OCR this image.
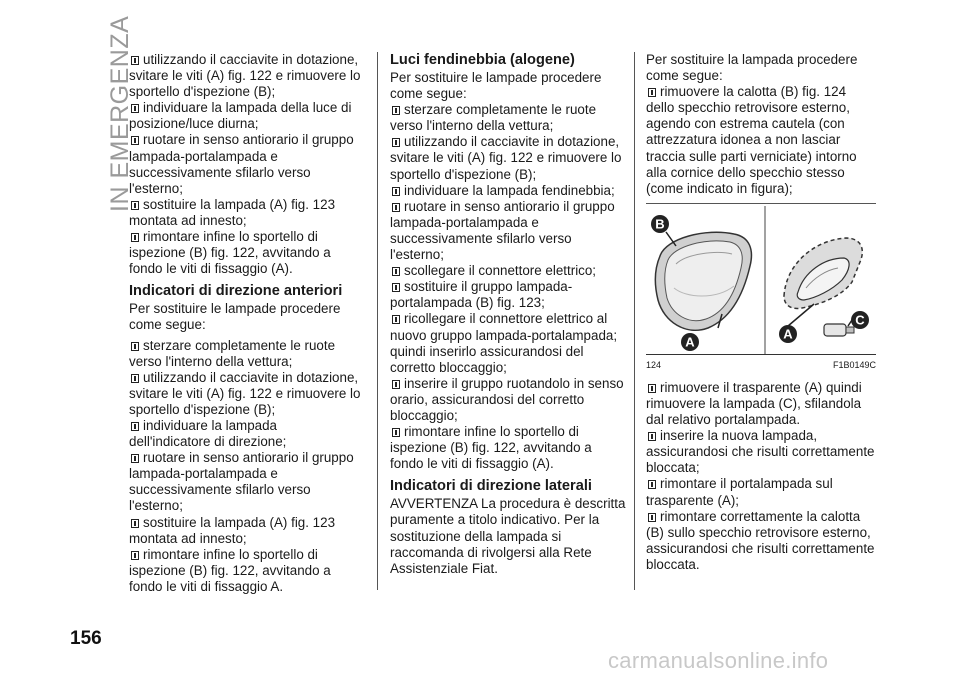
IN EMERGENZA utilizzando il cacciavite in dotazione, svitare le viti (A) fig. 122 e rimuovere lo sportello d'ispezione (B);

individuare la lampada della luce di posizione/luce diurna;

ruotare in senso antiorario il gruppo lampada-portalampada e successivamente sfilarlo verso l'esterno;

sostituire la lampada (A) fig. 123 montata ad innesto;

rimontare infine lo sportello di ispezione (B) fig. 122, avvitando a fondo le viti di fissaggio (A).

Indicatori di direzione anteriori

Per sostituire le lampade procedere come segue:

sterzare completamente le ruote verso l'interno della vettura;

utilizzando il cacciavite in dotazione, svitare le viti (A) fig. 122 e rimuovere lo sportello d'ispezione (B);

individuare la lampada dell'indicatore di direzione;

ruotare in senso antiorario il gruppo lampada-portalampada e successivamente sfilarlo verso l'esterno;

sostituire la lampada (A) fig. 123 montata ad innesto;

rimontare infine lo sportello di ispezione (B) fig. 122, avvitando a fondo le viti di fissaggio A.

Luci fendinebbia (alogene)

Per sostituire le lampade procedere come segue:

sterzare completamente le ruote verso l'interno della vettura;

utilizzando il cacciavite in dotazione, svitare le viti (A) fig. 122 e rimuovere lo sportello d'ispezione (B);

individuare la lampada fendinebbia;

ruotare in senso antiorario il gruppo lampada-portalampada e successivamente sfilarlo verso l'esterno;

scollegare il connettore elettrico;

sostituire il gruppo lampada-portalampada (B) fig. 123;

ricollegare il connettore elettrico al nuovo gruppo lampada-portalampada; quindi inserirlo assicurandosi del corretto bloccaggio;

inserire il gruppo ruotandolo in senso orario, assicurandosi del corretto bloccaggio;

rimontare infine lo sportello di ispezione (B) fig. 122, avvitando a fondo le viti di fissaggio (A).

Indicatori di direzione laterali

AVVERTENZA La procedura è descritta puramente a titolo indicativo. Per la sostituzione della lampada si raccomanda di rivolgersi alla Rete Assistenziale Fiat.

Per sostituire la lampada procedere come segue:

rimuovere la calotta (B) fig. 124 dello specchio retrovisore esterno, agendo con estrema cautela (con attrezzatura idonea a non lasciar traccia sulle parti verniciate) intorno alla cornice dello specchio stesso (come indicato in figura);

B
A
A
C
124	F1B0149C

rimuovere il trasparente (A) quindi rimuovere la lampada (C), sfilandola dal relativo portalampada.

inserire la nuova lampada, assicurandosi che risulti correttamente bloccata;

rimontare il portalampada sul trasparente (A);

rimontare correttamente la calotta (B) sullo specchio retrovisore esterno, assicurandosi che risulti correttamente bloccata.

156
carmanualsonline.info
